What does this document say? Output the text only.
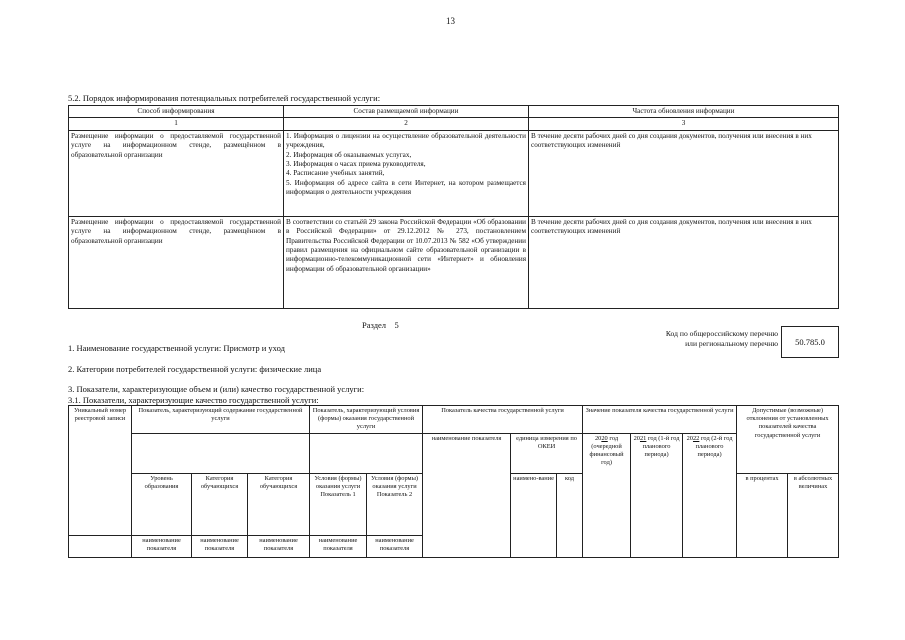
13
5.2. Порядок информирования потенциальных потребителей государственной услуги:
Способ информирования	Состав размещаемой информации	Частота обновления информации
1	2	3
Размещение информации о предоставляемой государственной услуге на информационном стенде, размещённом в образовательной организации	1. Информация о лицензии на осуществление образовательной деятельности учреждения,
2. Информация об оказываемых услугах,
3. Информация о часах приема руководителя,
4. Расписание учебных занятий,
5. Информация об адресе сайта в сети Интернет, на котором размещается информация о деятельности учреждения	В течение десяти рабочих дней со дня создания документов, получения или внесения в них соответствующих изменений
Размещение информации о предоставляемой государственной услуге на информационном стенде, размещённом в образовательной организации	В соответствии со статьёй 29 закона Российской Федерации «Об образовании в Российской Федерации» от 29.12.2012 № 273, постановлением Правительства Российской Федерации от 10.07.2013 № 582 «Об утверждении правил размещения на официальном сайте образовательной организации в информационно-телекоммуникационной сети «Интернет» и обновления информации об образовательной организации»	В течение десяти рабочих дней со дня создания документов, получения или внесения в них соответствующих изменений
Раздел 5
Код по общероссийскому перечню или региональному перечню	50.785.0
1. Наименование государственной услуги: Присмотр и уход
2. Категории потребителей государственной услуги: физические лица
3. Показатели, характеризующие объем и (или) качество государственной услуги:
3.1. Показатели, характеризующие качество государственной услуги:
Уникальный номер реестровой записи	Показатель, характеризующий содержание государственной услуги			Показатель, характеризующий условия (формы) оказания государственной услуги		Показатель качества государственной услуги			Значение показателя качества государственной услуги			Допустимые (возможные) отклонения от установленных показателей качества государственной услуги	
						наименование показателя	единица измерения по ОКЕИ		2020 год (очередной финансовый год)	2021 год (1-й год планового периода)	2022 год (2-й год планового периода)		
	Уровень образования	Категория обучающихся	Категория обучающихся	Условия (формы) оказания услуги Показатель 1	Условия (формы) оказания услуги Показатель 2		наимено-вание	код				в процентах	в абсолютных величинах
	наименование показателя	наименование показателя	наименование показателя	наименование показателя	наименование показателя								
